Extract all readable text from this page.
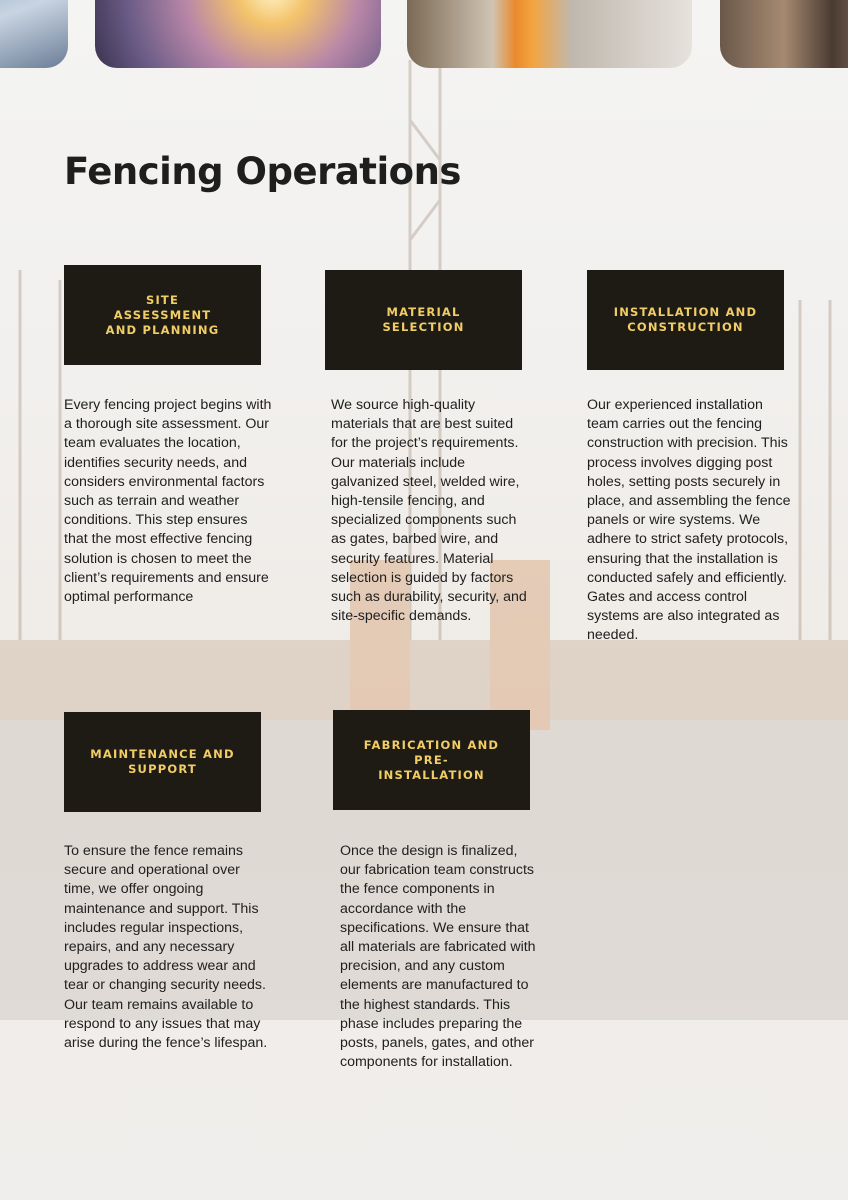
Fencing Operations
SITE ASSESSMENT AND PLANNING

Every fencing project begins with a thorough site assessment. Our team evaluates the location, identifies security needs, and considers environmental factors such as terrain and weather conditions. This step ensures that the most effective fencing solution is chosen to meet the client’s requirements and ensure optimal performance

MATERIAL SELECTION

We source high-quality materials that are best suited for the project’s requirements. Our materials include galvanized steel, welded wire, high-tensile fencing, and specialized components such as gates, barbed wire, and security features. Material selection is guided by factors such as durability, security, and site-specific demands.

INSTALLATION AND CONSTRUCTION

Our experienced installation team carries out the fencing construction with precision. This process involves digging post holes, setting posts securely in place, and assembling the fence panels or wire systems. We adhere to strict safety protocols, ensuring that the installation is conducted safely and efficiently. Gates and access control systems are also integrated as needed.

MAINTENANCE AND SUPPORT

To ensure the fence remains secure and operational over time, we offer ongoing maintenance and support. This includes regular inspections, repairs, and any necessary upgrades to address wear and tear or changing security needs. Our team remains available to respond to any issues that may arise during the fence’s lifespan.

FABRICATION AND PRE-INSTALLATION

Once the design is finalized, our fabrication team constructs the fence components in accordance with the specifications. We ensure that all materials are fabricated with precision, and any custom elements are manufactured to the highest standards. This phase includes preparing the posts, panels, gates, and other components for installation.
